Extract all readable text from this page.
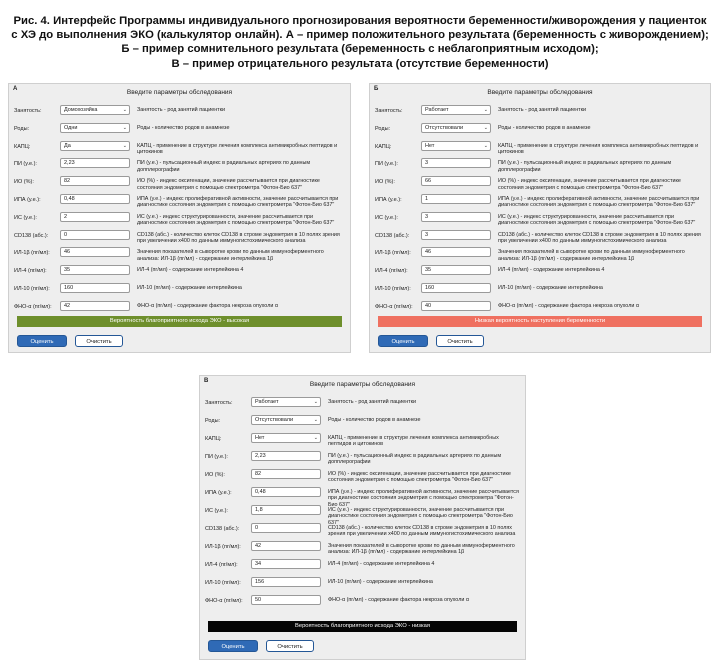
Рис. 4. Интерфейс Программы индивидуального прогнозирования вероятности беременности/живорождения у пациенток
с ХЭ до выполнения ЭКО (калькулятор онлайн). А – пример положительного результата (беременность с живорождением);
Б – пример сомнительного результата (беременность с неблагоприятным исходом);
В – пример отрицательного результата (отсутствие беременности)
А	Введите параметры обследования
Занятость:	Домохозяйка	⌄ Занятость - род занятий пациентки
Роды:	Одни	⌄ Роды - количество родов в анамнезе
КАПЦ:	Да	⌄ КАПЦ - применение в структуре лечения комплекса антимикробных пептидов и цитокинов
ПИ (у.е.):
2,23	ПИ (у.е.) - пульсационный индекс в радиальных артериях по данным допплерографии
ИО (%):
82	ИО (%) - индекс оксигенации, значение рассчитывается при диагностике состояния эндометрия с помощью спектрометра "Фотон-Био 637"
ИПА (у.е.):
0,48	ИПА (у.е.) - индекс пролиферативной активности, значение рассчитывается при диагностике состояния эндометрия с помощью спектрометра "Фотон-Био 637"
ИС (у.е.):
2	ИС (у.е.) - индекс структурированности, значение рассчитывается при диагностике состояния эндометрия с помощью спектрометра "Фотон-Био 637"
CD138 (абс.):
0	CD138 (абс.) - количество клеток CD138 в строме эндометрия в 10 полях зрения при увеличении х400 по данным иммуногистохимического анализа
ИЛ-1β (пг/мл):
46	Значения показателей в сыворотке крови по данным иммуноферментного анализа: ИЛ-1β (пг/мл) - содержание интерлейкина 1β
ИЛ-4 (пг/мл):
35	ИЛ-4 (пг/мл) - содержание интерлейкина 4
ИЛ-10 (пг/мл):
160	ИЛ-10 (пг/мл) - содержание интерлейкина
ФНО-α (пг/мл):
42	ФНО-α (пг/мл) - содержание фактора некроза опухоли α
Вероятность благоприятного исхода ЭКО - высокая
Оценить	Очистить
Б	Введите параметры обследования
Занятость:	Работает	⌄ Занятость - род занятий пациентки
Роды:	Отсутствовали	⌄ Роды - количество родов в анамнезе
КАПЦ:	Нет	⌄ КАПЦ - применение в структуре лечения комплекса антимикробных пептидов и цитокинов
ПИ (у.е.):
3	ПИ (у.е.) - пульсационный индекс в радиальных артериях по данным допплерографии
ИО (%):
66	ИО (%) - индекс оксигенации, значение рассчитывается при диагностике состояния эндометрия с помощью спектрометра "Фотон-Био 637"
ИПА (у.е.):
1	ИПА (у.е.) - индекс пролиферативной активности, значение рассчитывается при диагностике состояния эндометрия с помощью спектрометра "Фотон-Био 637"
ИС (у.е.):
3	ИС (у.е.) - индекс структурированности, значение рассчитывается при диагностике состояния эндометрия с помощью спектрометра "Фотон-Био 637"
CD138 (абс.):
3	CD138 (абс.) - количество клеток CD138 в строме эндометрия в 10 полях зрения при увеличении х400 по данным иммуногистохимического анализа
ИЛ-1β (пг/мл):
46	Значения показателей в сыворотке крови по данным иммуноферментного анализа: ИЛ-1β (пг/мл) - содержание интерлейкина 1β
ИЛ-4 (пг/мл):
35	ИЛ-4 (пг/мл) - содержание интерлейкина 4
ИЛ-10 (пг/мл):
160	ИЛ-10 (пг/мл) - содержание интерлейкина
ФНО-α (пг/мл):
40	ФНО-α (пг/мл) - содержание фактора некроза опухоли α
Низкая вероятность наступления беременности
Оценить	Очистить
В	Введите параметры обследования
Занятость:	Работает	⌄ Занятость - род занятий пациентки
Роды:	Отсутствовали	⌄ Роды - количество родов в анамнезе
КАПЦ:	Нет	⌄ КАПЦ - применение в структуре лечения комплекса антимикробных пептидов и цитокинов
ПИ (у.е.):
2,23	ПИ (у.е.) - пульсационный индекс в радиальных артериях по данным допплерографии
ИО (%):
82	ИО (%) - индекс оксигенации, значение рассчитывается при диагностике состояния эндометрия с помощью спектрометра "Фотон-Био 637"
ИПА (у.е.):
0,48	ИПА (у.е.) - индекс пролиферативной активности, значение рассчитывается при диагностике состояния эндометрия с помощью спектрометра "Фотон-Био 637"
ИС (у.е.):
1,8	ИС (у.е.) - индекс структурированности, значение рассчитывается при диагностике состояния эндометрия с помощью спектрометра "Фотон-Био 637"
CD138 (абс.):
0	CD138 (абс.) - количество клеток CD138 в строме эндометрия в 10 полях зрения при увеличении х400 по данным иммуногистохимического анализа
ИЛ-1β (пг/мл):
42	Значения показателей в сыворотке крови по данным иммуноферментного анализа: ИЛ-1β (пг/мл) - содержание интерлейкина 1β
ИЛ-4 (пг/мл):
34	ИЛ-4 (пг/мл) - содержание интерлейкина 4
ИЛ-10 (пг/мл):
156	ИЛ-10 (пг/мл) - содержание интерлейкина
ФНО-α (пг/мл):
50	ФНО-α (пг/мл) - содержание фактора некроза опухоли α
Вероятность благоприятного исхода ЭКО - низкая
Оценить	Очистить
